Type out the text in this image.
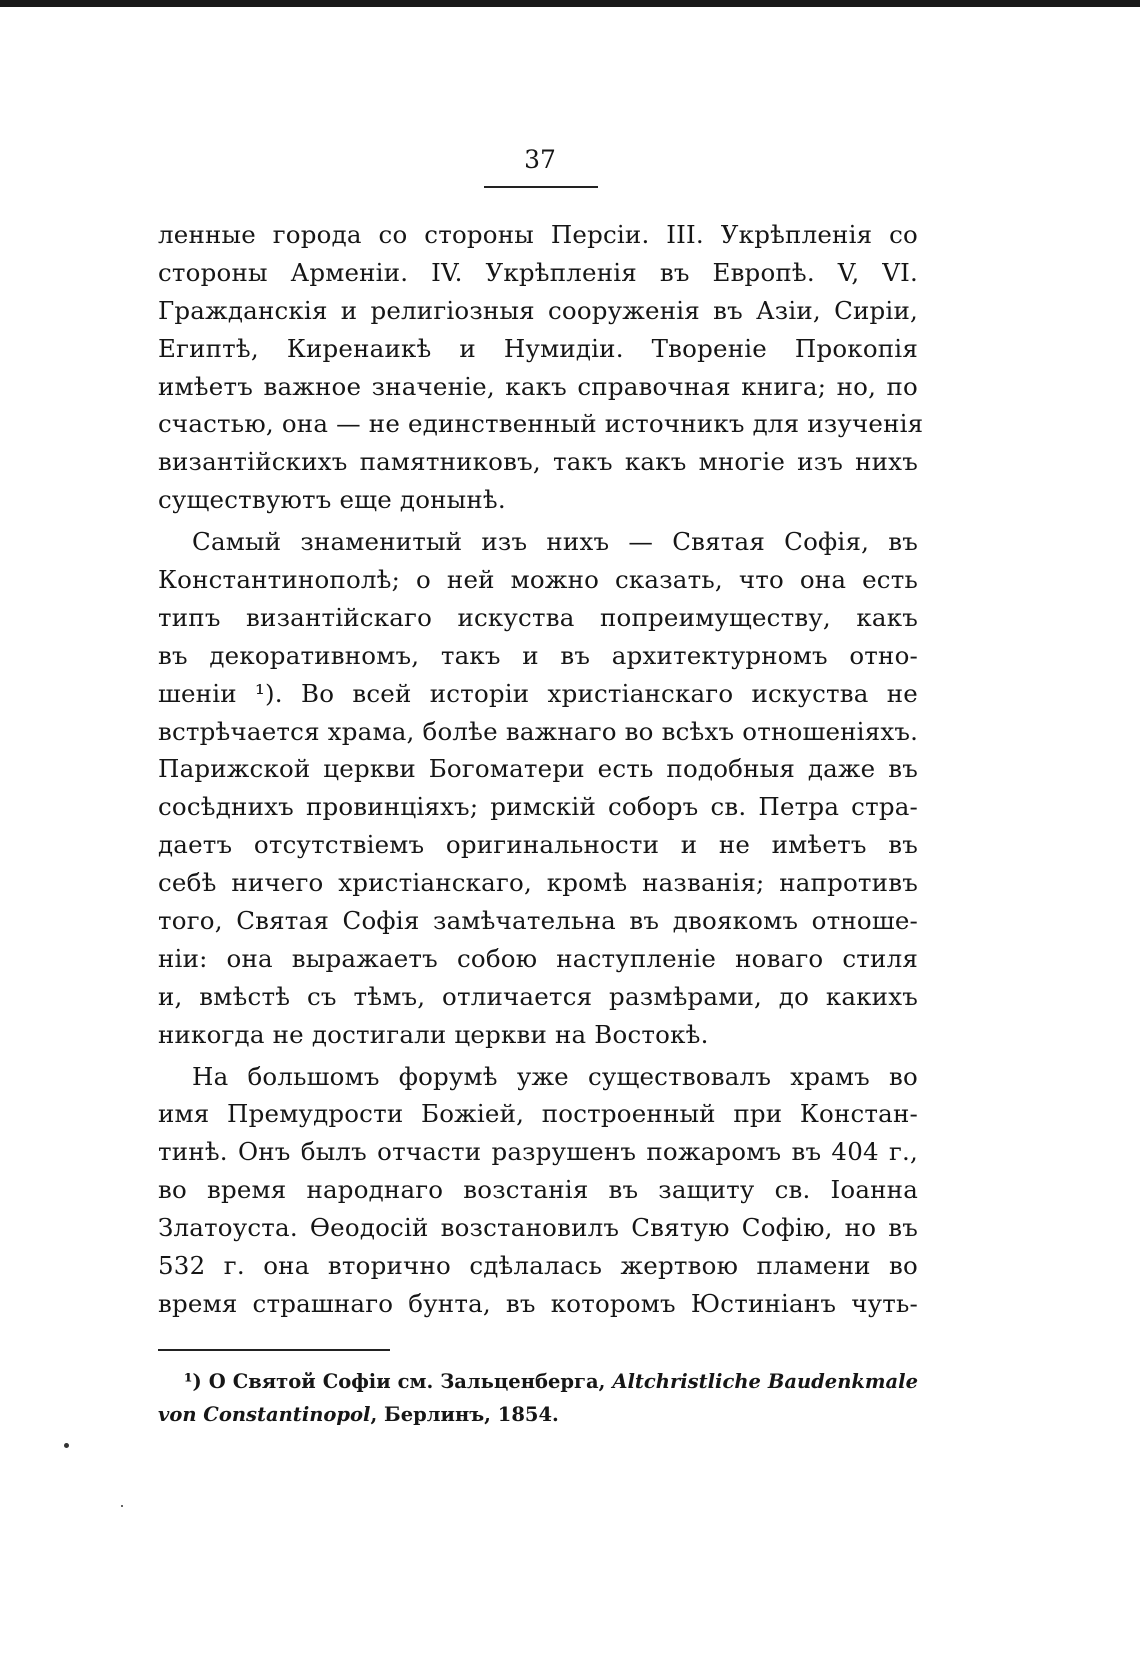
37
ленные города со стороны Персіи. III. Укрѣпленія со
стороны Арменіи. IV. Укрѣпленія въ Европѣ. V, VI.
Гражданскія и религіозныя сооруженія въ Азіи, Сиріи,
Египтѣ, Киренаикѣ и Нумидіи. Твореніе Прокопія
имѣетъ важное значеніе, какъ справочная книга; но, по
счастью, она — не единственный источникъ для изученія
византійскихъ памятниковъ, такъ какъ многіе изъ нихъ
существуютъ еще донынѣ.
Самый знаменитый изъ нихъ — Святая Софія, въ
Константинополѣ; о ней можно сказать, что она есть
типъ византійскаго искуства попреимуществу, какъ
въ декоративномъ, такъ и въ архитектурномъ отно-
шеніи ¹). Во всей исторіи христіанскаго искуства не
встрѣчается храма, болѣе важнаго во всѣхъ отношеніяхъ.
Парижской церкви Богоматери есть подобныя даже въ
сосѣднихъ провинціяхъ; римскій соборъ св. Петра стра-
даетъ отсутствіемъ оригинальности и не имѣетъ въ
себѣ ничего христіанскаго, кромѣ названія; напротивъ
того, Святая Софія замѣчательна въ двоякомъ отноше-
ніи: она выражаетъ собою наступленіе новаго стиля
и, вмѣстѣ съ тѣмъ, отличается размѣрами, до какихъ
никогда не достигали церкви на Востокѣ.
На большомъ форумѣ уже существовалъ храмъ во
имя Премудрости Божіей, построенный при Констан-
тинѣ. Онъ былъ отчасти разрушенъ пожаромъ въ 404 г.,
во время народнаго возстанія въ защиту св. Іоанна
Златоуста. Ѳеодосій возстановилъ Святую Софію, но въ
532 г. она вторично сдѣлалась жертвою пламени во
время страшнаго бунта, въ которомъ Юстиніанъ чуть-
¹) О Святой Софіи см. Зальценберга, Altchristliche Baudenkmale
von Constantinopol, Берлинъ, 1854.
